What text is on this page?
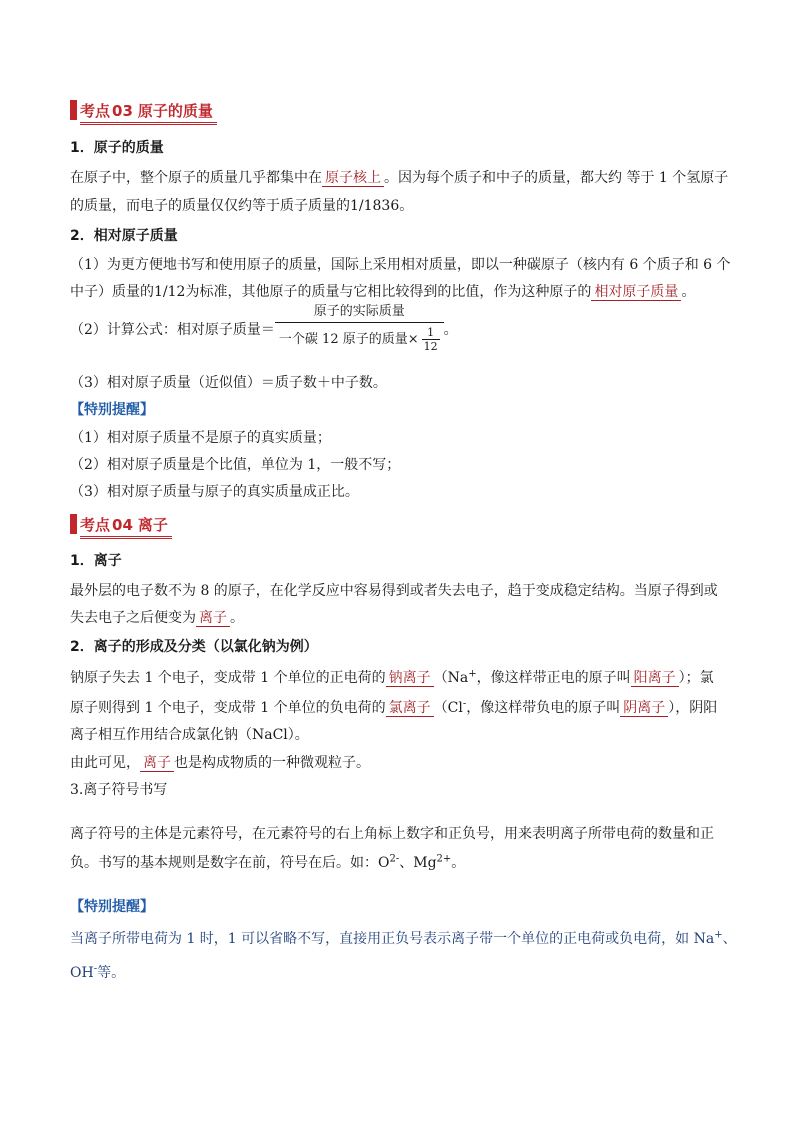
考点 03 原子的质量
1．原子的质量
在原子中，整个原子的质量几乎都集中在 原子核上 。因为每个质子和中子的质量，都大约 等于 1 个氢原子
的质量，而电子的质量仅仅约等于质子质量的1/1836。
2．相对原子质量
（1）为更方便地书写和使用原子的质量，国际上采用相对质量，即以一种碳原子（核内有 6 个质子和 6 个
中子）质量的1/12为标准，其他原子的质量与它相比较得到的比值，作为这种原子的 相对原子质量 。
（2）计算公式：相对原子质量＝ $\frac{\text{原子的实际质量}}{一个碳 12 原子的质量\times \frac{1}{12}}$ 。
（3）相对原子质量（近似值）＝质子数＋中子数。
【特别提醒】
（1）相对原子质量不是原子的真实质量；
（2）相对原子质量是个比值，单位为 1，一般不写；
（3）相对原子质量与原子的真实质量成正比。
考点 04 离子
1．离子
最外层的电子数不为 8 的原子，在化学反应中容易得到或者失去电子，趋于变成稳定结构。当原子得到或
失去电子之后便变为 离子 。
2．离子的形成及分类（以氯化钠为例）
钠原子失去 1 个电子，变成带 1 个单位的正电荷的 钠离子 （Na+，像这样带正电的原子叫 阳离子 ）；氯
原子则得到 1 个电子，变成带 1 个单位的负电荷的 氯离子 （Cl-，像这样带负电的原子叫 阴离子 ），阴阳
离子相互作用结合成氯化钠（NaCl）。
由此可见， 离子 也是构成物质的一种微观粒子。
3.离子符号书写
离子符号的主体是元素符号，在元素符号的右上角标上数字和正负号，用来表明离子所带电荷的数量和正
负。书写的基本规则是数字在前，符号在后。如：$O^{2-}$、$Mg^{2+}$。
【特别提醒】
当离子所带电荷为 1 时，1 可以省略不写，直接用正负号表示离子带一个单位的正电荷或负电荷，如 Na+、
OH-等。
